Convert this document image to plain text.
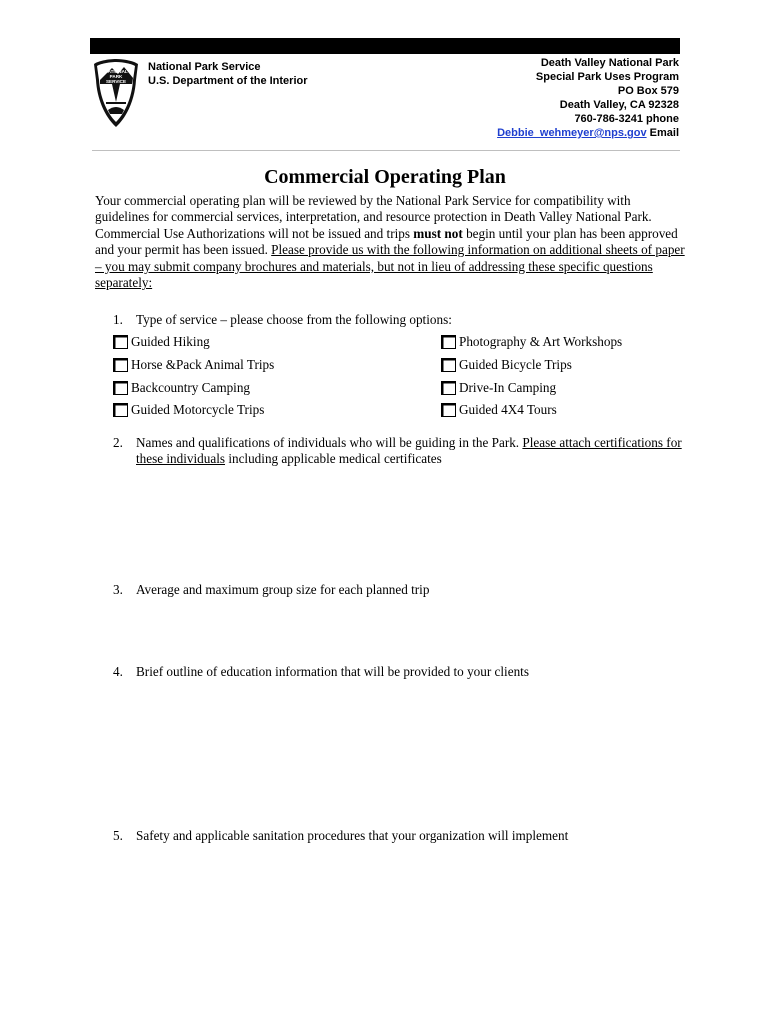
NATIONAL
PARK
SERVICE
National Park Service
U.S. Department of the Interior
Death Valley National Park
Special Park Uses Program
PO Box 579
Death Valley, CA 92328
760-786-3241 phone
Debbie_wehmeyer@nps.gov Email
Commercial Operating Plan
Your commercial operating plan will be reviewed by the National Park Service for compatibility with guidelines for commercial services, interpretation, and resource protection in Death Valley National Park. Commercial Use Authorizations will not be issued and trips must not begin until your plan has been approved and your permit has been issued. Please provide us with the following information on additional sheets of paper – you may submit company brochures and materials, but not in lieu of addressing these specific questions separately:
1. Type of service – please choose from the following options:
Guided Hiking
Horse &Pack Animal Trips
Backcountry Camping
Guided Motorcycle Trips
Photography & Art Workshops
Guided Bicycle Trips
Drive-In Camping
Guided 4X4 Tours
2. Names and qualifications of individuals who will be guiding in the Park. Please attach certifications for these individuals including applicable medical certificates
3. Average and maximum group size for each planned trip
4. Brief outline of education information that will be provided to your clients
5. Safety and applicable sanitation procedures that your organization will implement
